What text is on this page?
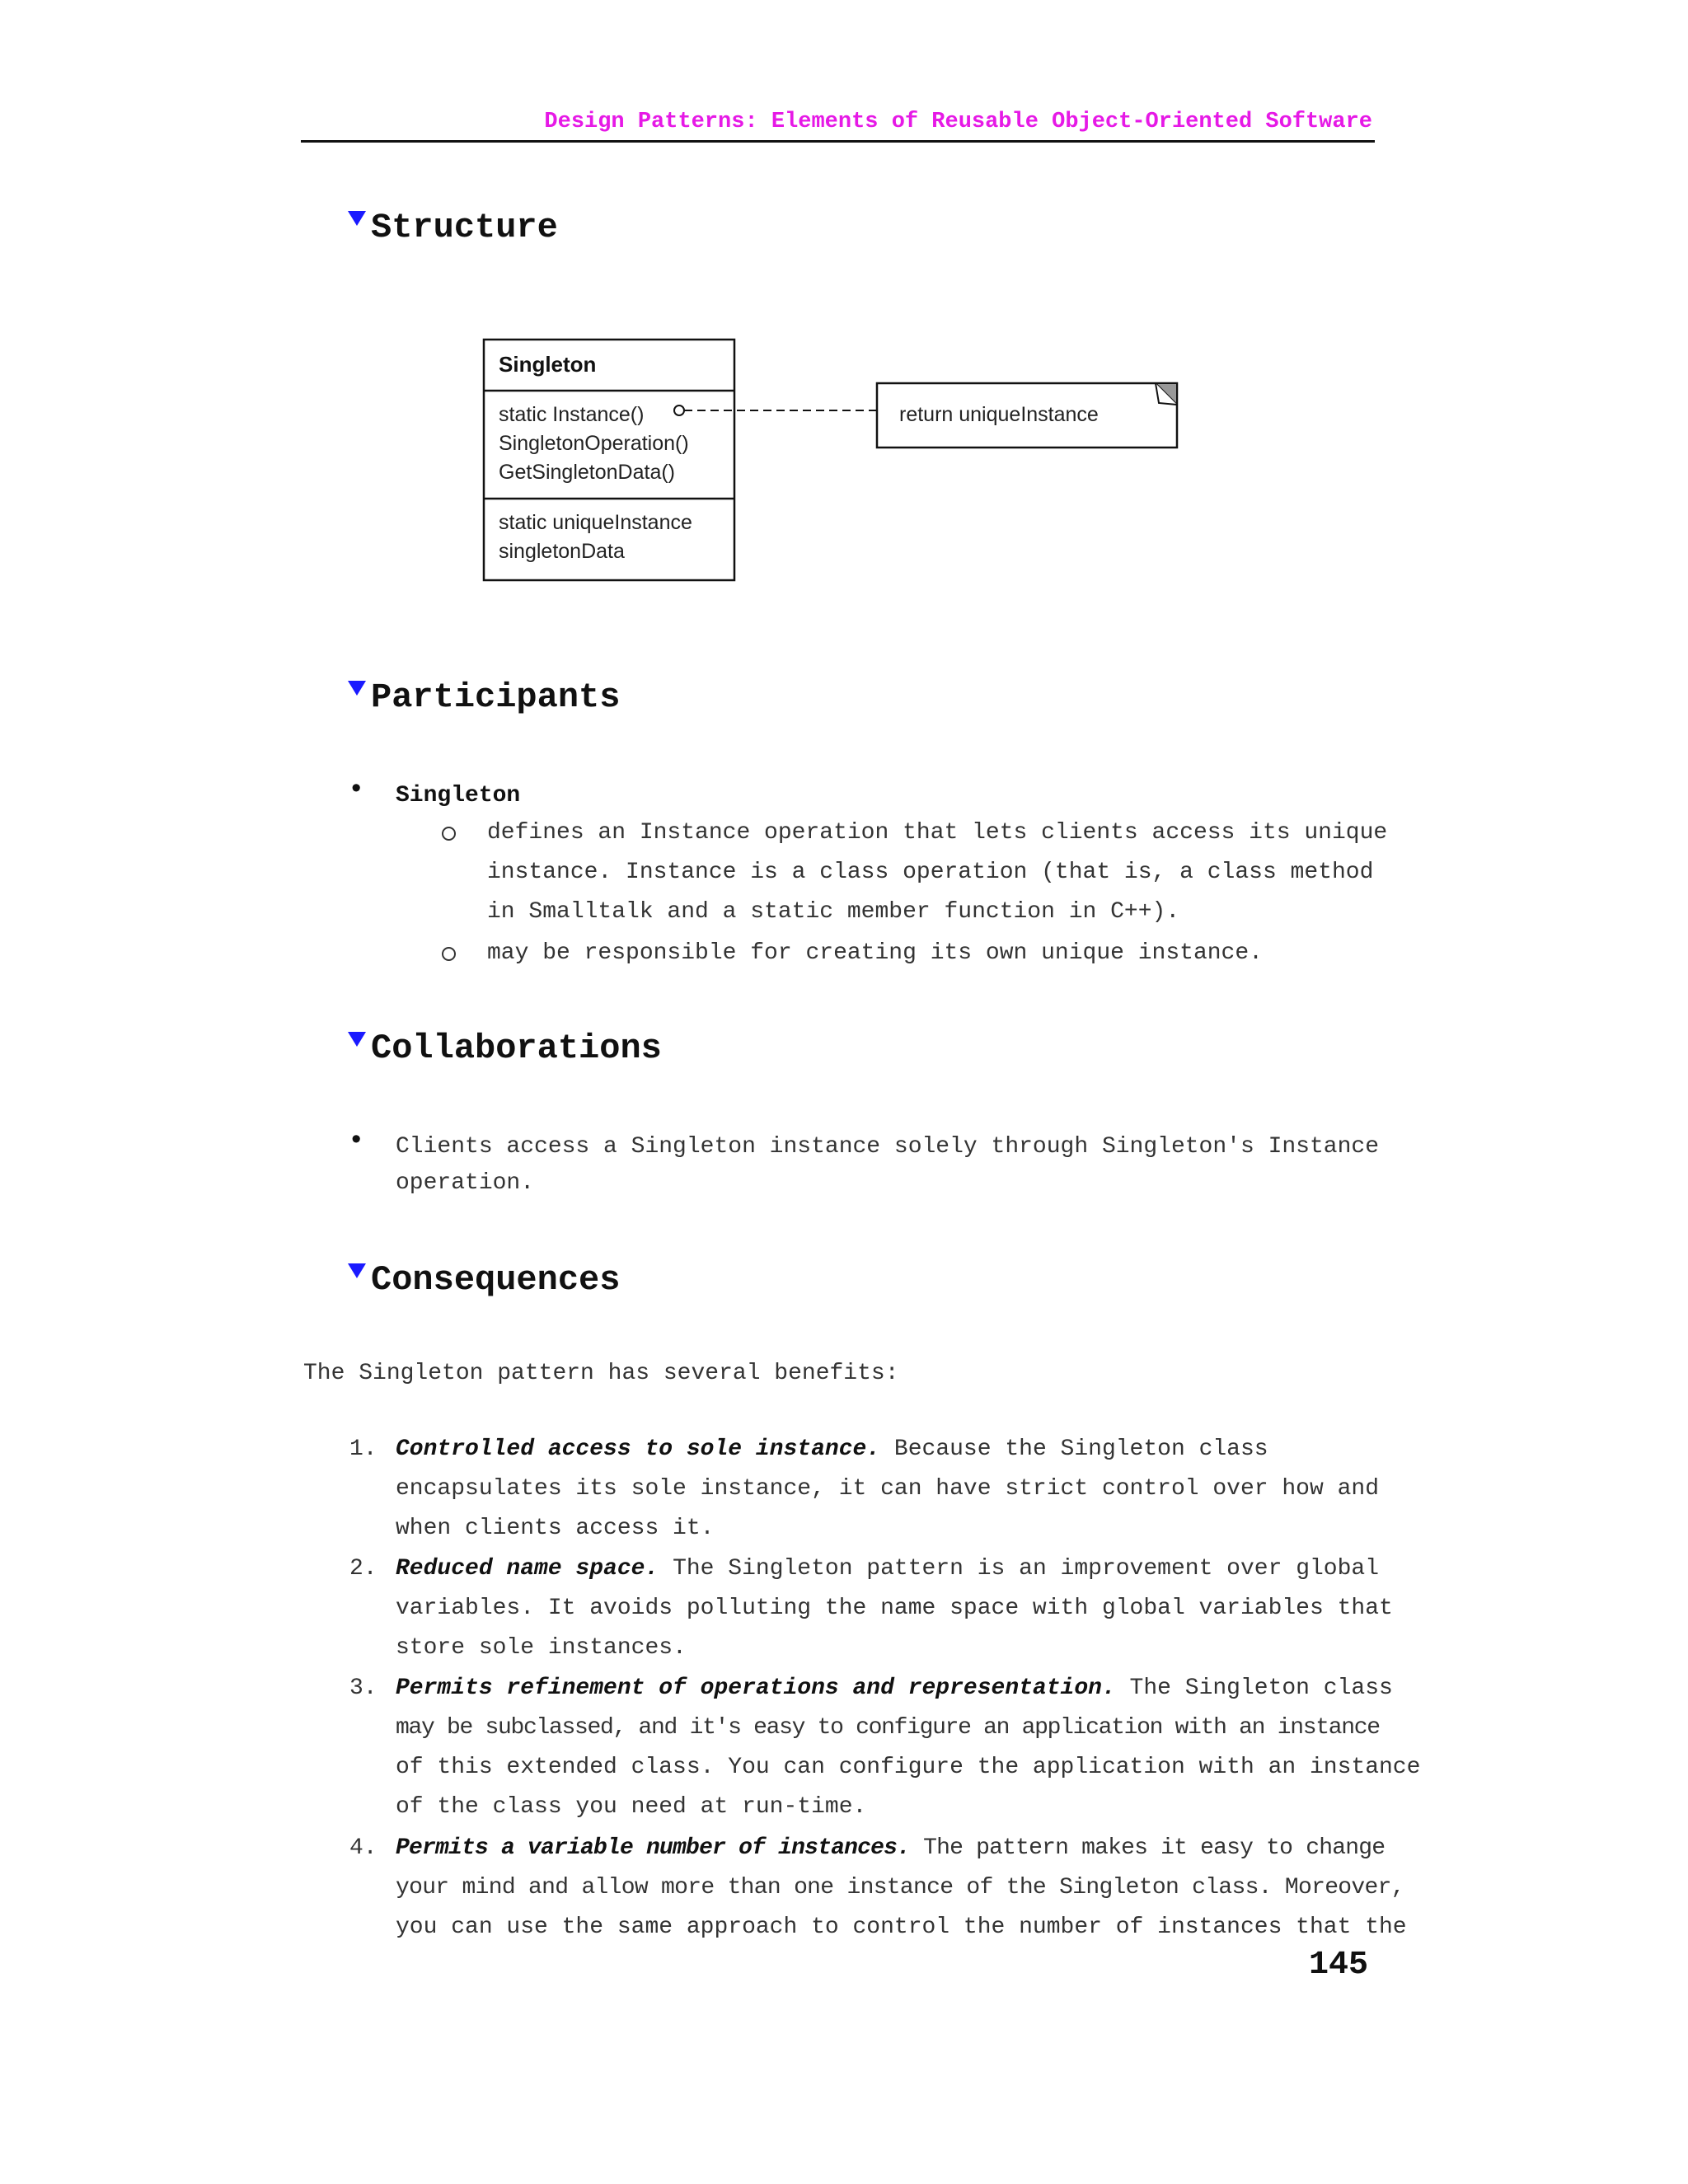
Design Patterns: Elements of Reusable Object-Oriented Software
Structure
Singleton
static Instance()
SingletonOperation()
GetSingletonData()
static uniqueInstance
singletonData
return uniqueInstance
Participants
• Singleton
defines an Instance operation that lets clients access its unique
instance. Instance is a class operation (that is, a class method
in Smalltalk and a static member function in C++).
may be responsible for creating its own unique instance.
Collaborations
• Clients access a Singleton instance solely through Singleton's Instance
operation.
Consequences
The Singleton pattern has several benefits:
1. Controlled access to sole instance. Because the Singleton class
encapsulates its sole instance, it can have strict control over how and
when clients access it.
2. Reduced name space. The Singleton pattern is an improvement over global
variables. It avoids polluting the name space with global variables that
store sole instances.
3. Permits refinement of operations and representation. The Singleton class
may be subclassed, and it's easy to configure an application with an instance
of this extended class. You can configure the application with an instance
of the class you need at run-time.
4. Permits a variable number of instances. The pattern makes it easy to change
your mind and allow more than one instance of the Singleton class. Moreover,
you can use the same approach to control the number of instances that the
145
